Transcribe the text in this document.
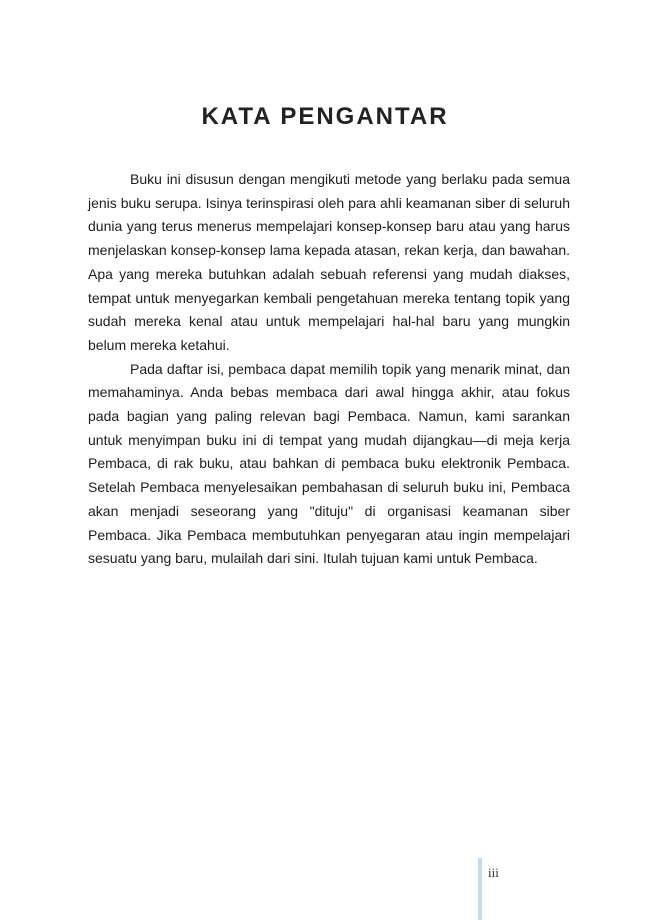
KATA PENGANTAR

Buku ini disusun dengan mengikuti metode yang berlaku pada semua jenis buku serupa. Isinya terinspirasi oleh para ahli keamanan siber di seluruh dunia yang terus menerus mempelajari konsep-konsep baru atau yang harus menjelaskan konsep-konsep lama kepada atasan, rekan kerja, dan bawahan. Apa yang mereka butuhkan adalah sebuah referensi yang mudah diakses, tempat untuk menyegarkan kembali pengetahuan mereka tentang topik yang sudah mereka kenal atau untuk mempelajari hal-hal baru yang mungkin belum mereka ketahui.

Pada daftar isi, pembaca dapat memilih topik yang menarik minat, dan memahaminya. Anda bebas membaca dari awal hingga akhir, atau fokus pada bagian yang paling relevan bagi Pembaca. Namun, kami sarankan untuk menyimpan buku ini di tempat yang mudah dijangkau—di meja kerja Pembaca, di rak buku, atau bahkan di pembaca buku elektronik Pembaca. Setelah Pembaca menyelesaikan pembahasan di seluruh buku ini, Pembaca akan menjadi seseorang yang "dituju" di organisasi keamanan siber Pembaca. Jika Pembaca membutuhkan penyegaran atau ingin mempelajari sesuatu yang baru, mulailah dari sini. Itulah tujuan kami untuk Pembaca.

iii
